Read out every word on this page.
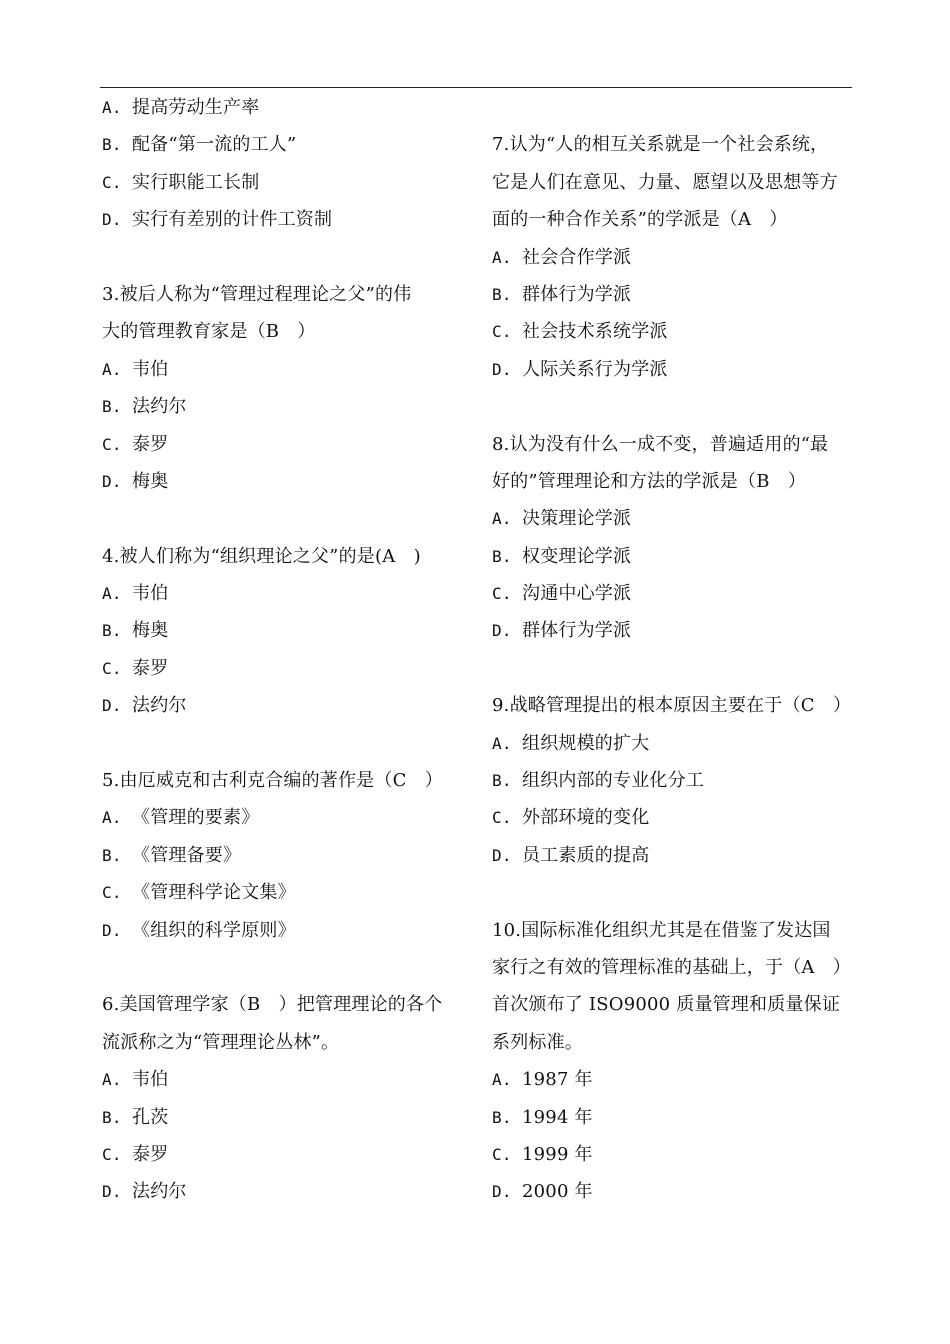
A. 提高劳动生产率
B. 配备“第一流的工人”
C. 实行职能工长制
D. 实行有差别的计件工资制
3.被后人称为“管理过程理论之父”的伟
大的管理教育家是（B　）
A. 韦伯
B. 法约尔
C. 泰罗
D. 梅奥
4.被人们称为“组织理论之父”的是(A　)
A. 韦伯
B. 梅奥
C. 泰罗
D. 法约尔
5.由厄威克和古利克合编的著作是（C　）
A. 《管理的要素》
B. 《管理备要》
C. 《管理科学论文集》
D. 《组织的科学原则》
6.美国管理学家（B　）把管理理论的各个
流派称之为“管理理论丛林”。
A. 韦伯
B. 孔茨
C. 泰罗
D. 法约尔
7.认为“人的相互关系就是一个社会系统，
它是人们在意见、力量、愿望以及思想等方
面的一种合作关系”的学派是（A　）
A. 社会合作学派
B. 群体行为学派
C. 社会技术系统学派
D. 人际关系行为学派
8.认为没有什么一成不变，普遍适用的“最
好的”管理理论和方法的学派是（B　）
A. 决策理论学派
B. 权变理论学派
C. 沟通中心学派
D. 群体行为学派
9.战略管理提出的根本原因主要在于（C　）
A. 组织规模的扩大
B. 组织内部的专业化分工
C. 外部环境的变化
D. 员工素质的提高
10.国际标准化组织尤其是在借鉴了发达国
家行之有效的管理标准的基础上，于（A　）
首次颁布了 ISO9000 质量管理和质量保证
系列标准。
A. 1987 年
B. 1994 年
C. 1999 年
D. 2000 年
